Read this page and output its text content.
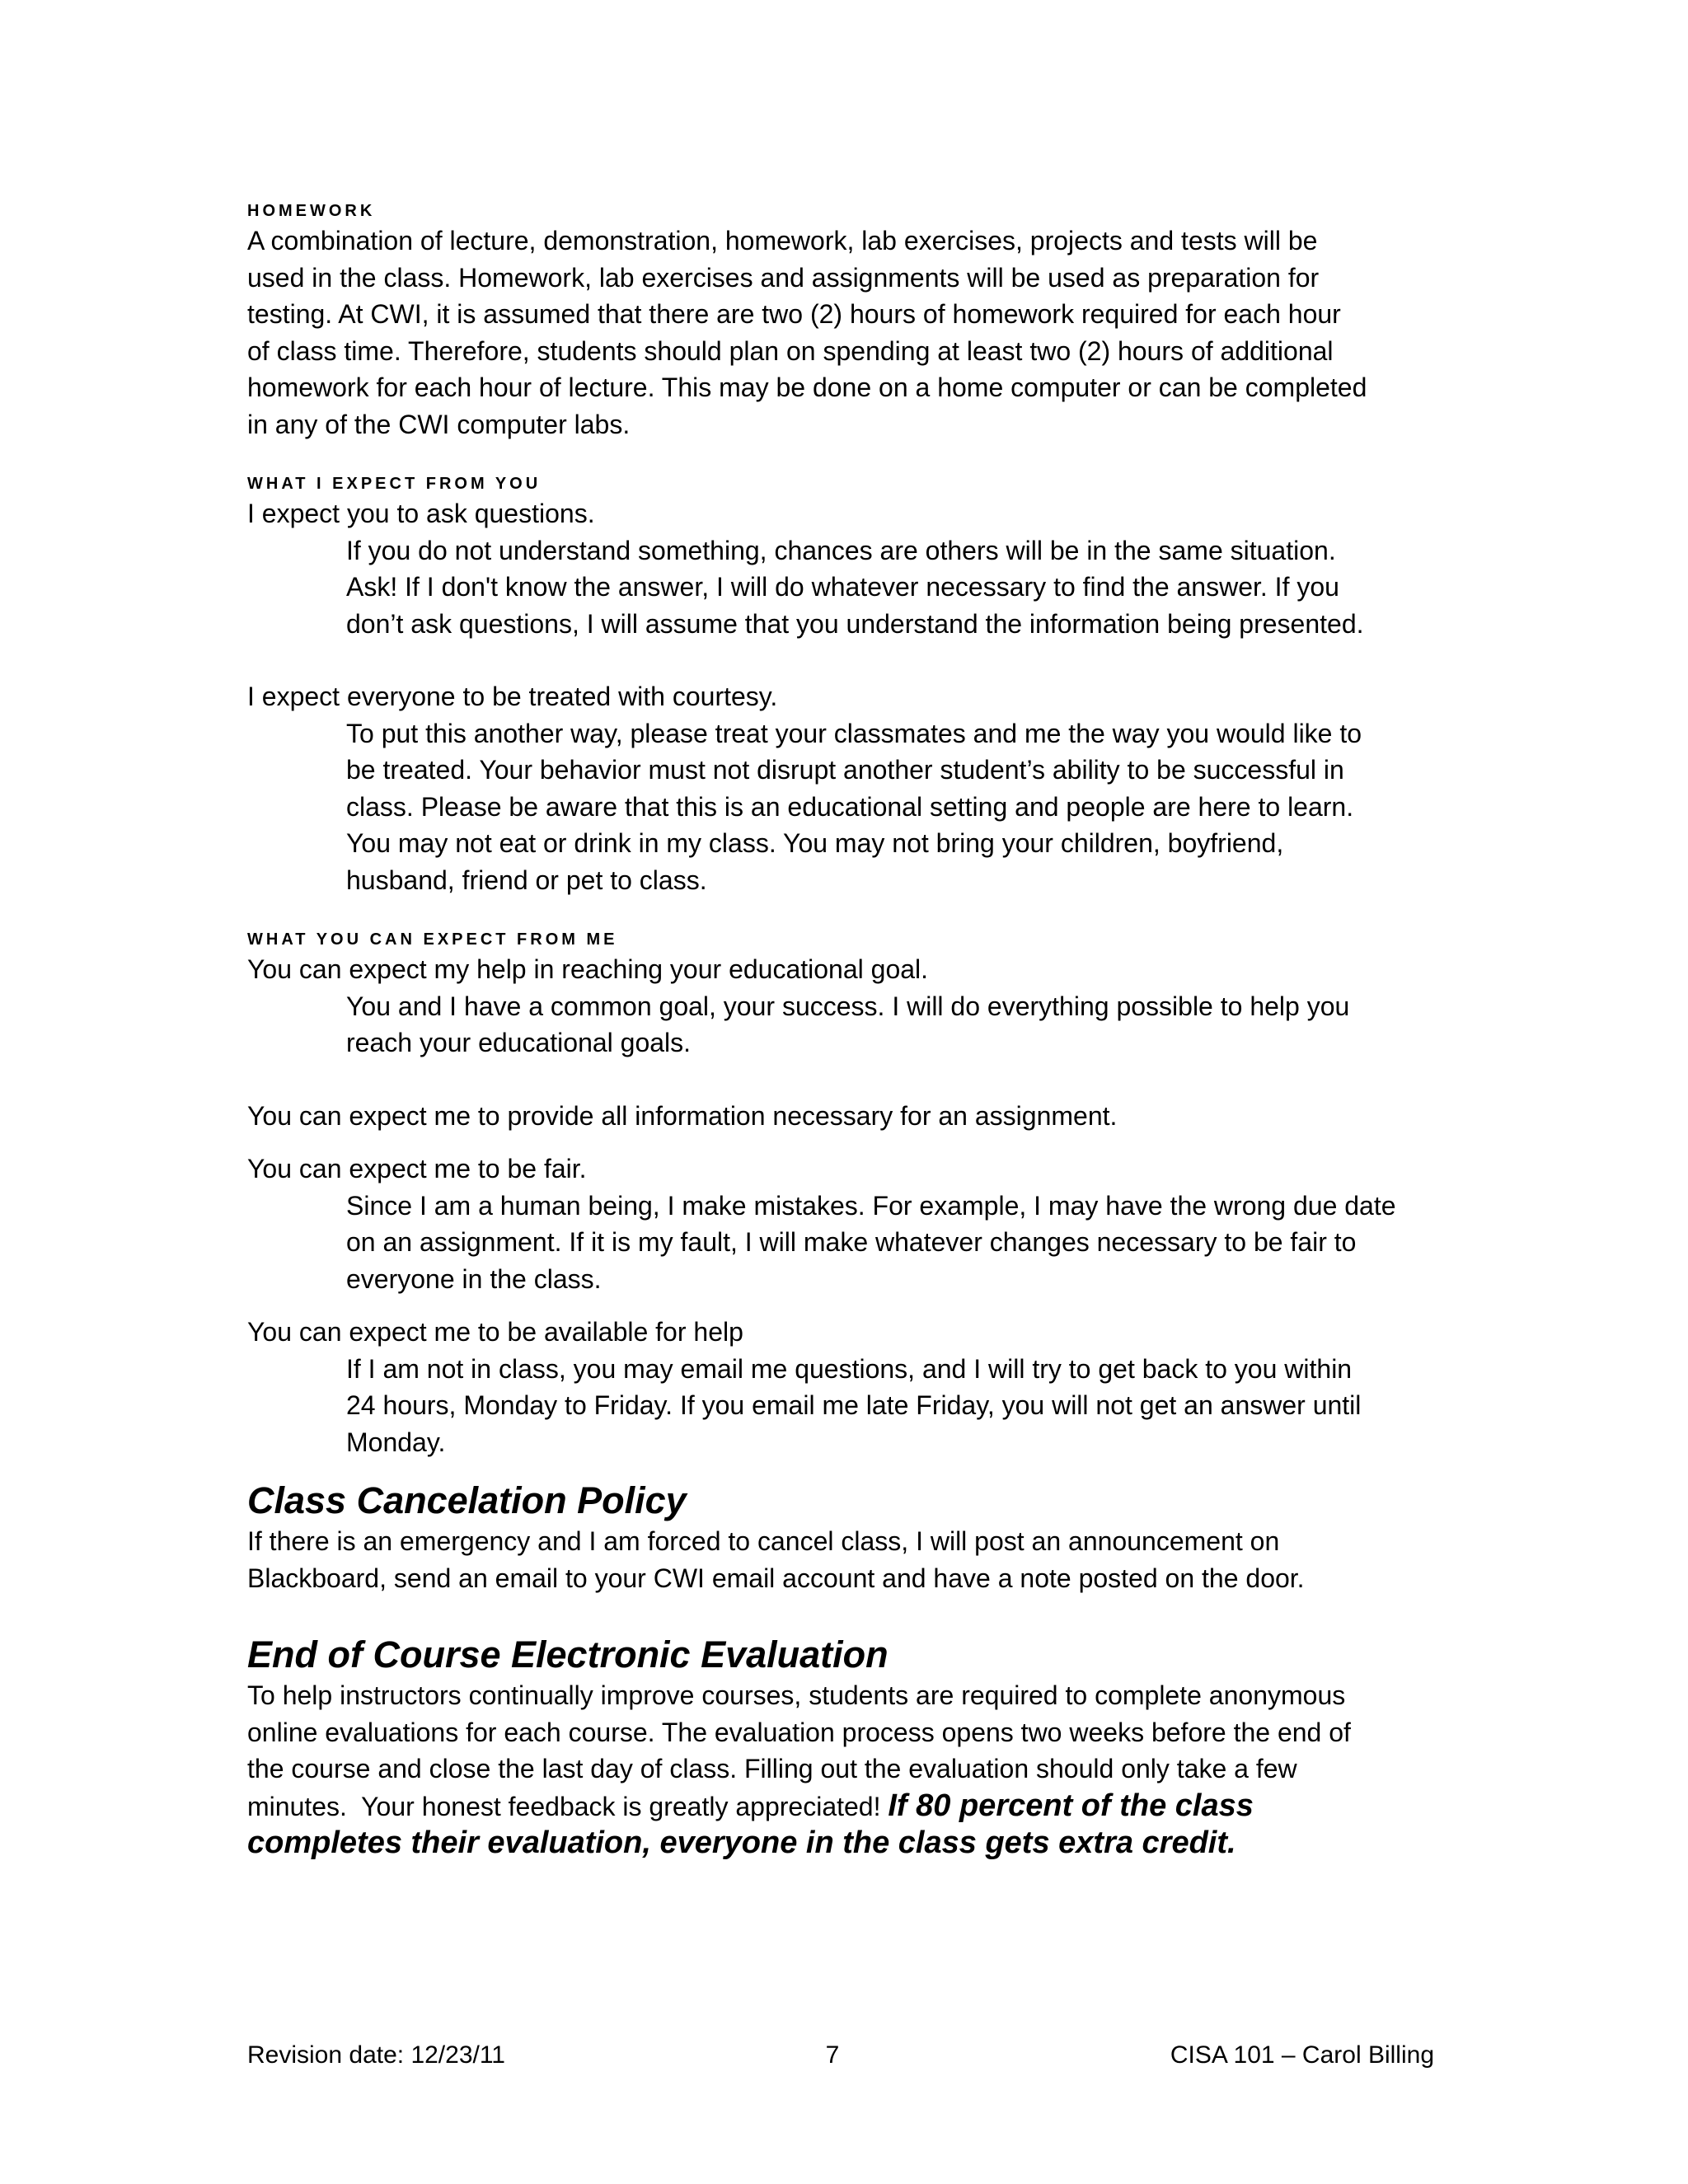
HOMEWORK
A combination of lecture, demonstration, homework, lab exercises, projects and tests will be
used in the class. Homework, lab exercises and assignments will be used as preparation for
testing. At CWI, it is assumed that there are two (2) hours of homework required for each hour
of class time. Therefore, students should plan on spending at least two (2) hours of additional
homework for each hour of lecture. This may be done on a home computer or can be completed
in any of the CWI computer labs.
WHAT I EXPECT FROM YOU
I expect you to ask questions.
If you do not understand something, chances are others will be in the same situation.
Ask! If I don't know the answer, I will do whatever necessary to find the answer. If you
don’t ask questions, I will assume that you understand the information being presented.
I expect everyone to be treated with courtesy.
To put this another way, please treat your classmates and me the way you would like to
be treated. Your behavior must not disrupt another student’s ability to be successful in
class. Please be aware that this is an educational setting and people are here to learn.
You may not eat or drink in my class. You may not bring your children, boyfriend,
husband, friend or pet to class.
WHAT YOU CAN EXPECT FROM ME
You can expect my help in reaching your educational goal.
You and I have a common goal, your success. I will do everything possible to help you
reach your educational goals.
You can expect me to provide all information necessary for an assignment.
You can expect me to be fair.
Since I am a human being, I make mistakes. For example, I may have the wrong due date
on an assignment. If it is my fault, I will make whatever changes necessary to be fair to
everyone in the class.
You can expect me to be available for help
If I am not in class, you may email me questions, and I will try to get back to you within
24 hours, Monday to Friday. If you email me late Friday, you will not get an answer until
Monday.
Class Cancelation Policy
If there is an emergency and I am forced to cancel class, I will post an announcement on
Blackboard, send an email to your CWI email account and have a note posted on the door.
End of Course Electronic Evaluation
To help instructors continually improve courses, students are required to complete anonymous
online evaluations for each course. The evaluation process opens two weeks before the end of
the course and close the last day of class. Filling out the evaluation should only take a few
minutes.  Your honest feedback is greatly appreciated! If 80 percent of the class
completes their evaluation, everyone in the class gets extra credit.
Revision date: 12/23/11	7	CISA 101 – Carol Billing
